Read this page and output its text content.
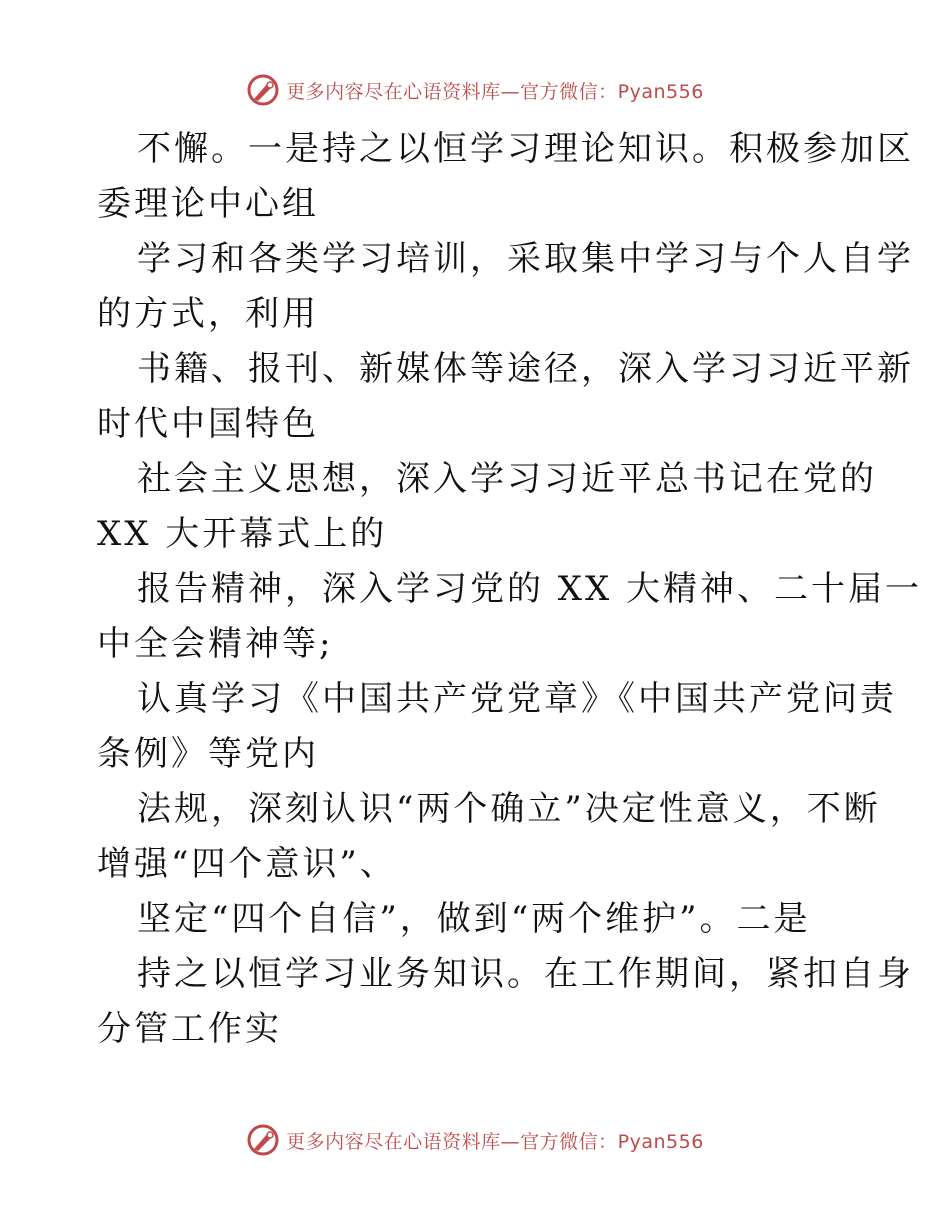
更多内容尽在心语资料库—官方微信：Pyan556
不懈。一是持之以恒学习理论知识。积极参加区
委理论中心组
学习和各类学习培训，采取集中学习与个人自学
的方式，利用
书籍、报刊、新媒体等途径，深入学习习近平新
时代中国特色
社会主义思想，深入学习习近平总书记在党的
XX 大开幕式上的
报告精神，深入学习党的 XX 大精神、二十届一
中全会精神等;
认真学习《中国共产党党章》《中国共产党问责
条例》等党内
法规，深刻认识“两个确立”决定性意义，不断
增强“四个意识”、
坚定“四个自信”，做到“两个维护”。二是
持之以恒学习业务知识。在工作期间，紧扣自身
分管工作实
更多内容尽在心语资料库—官方微信：Pyan556
